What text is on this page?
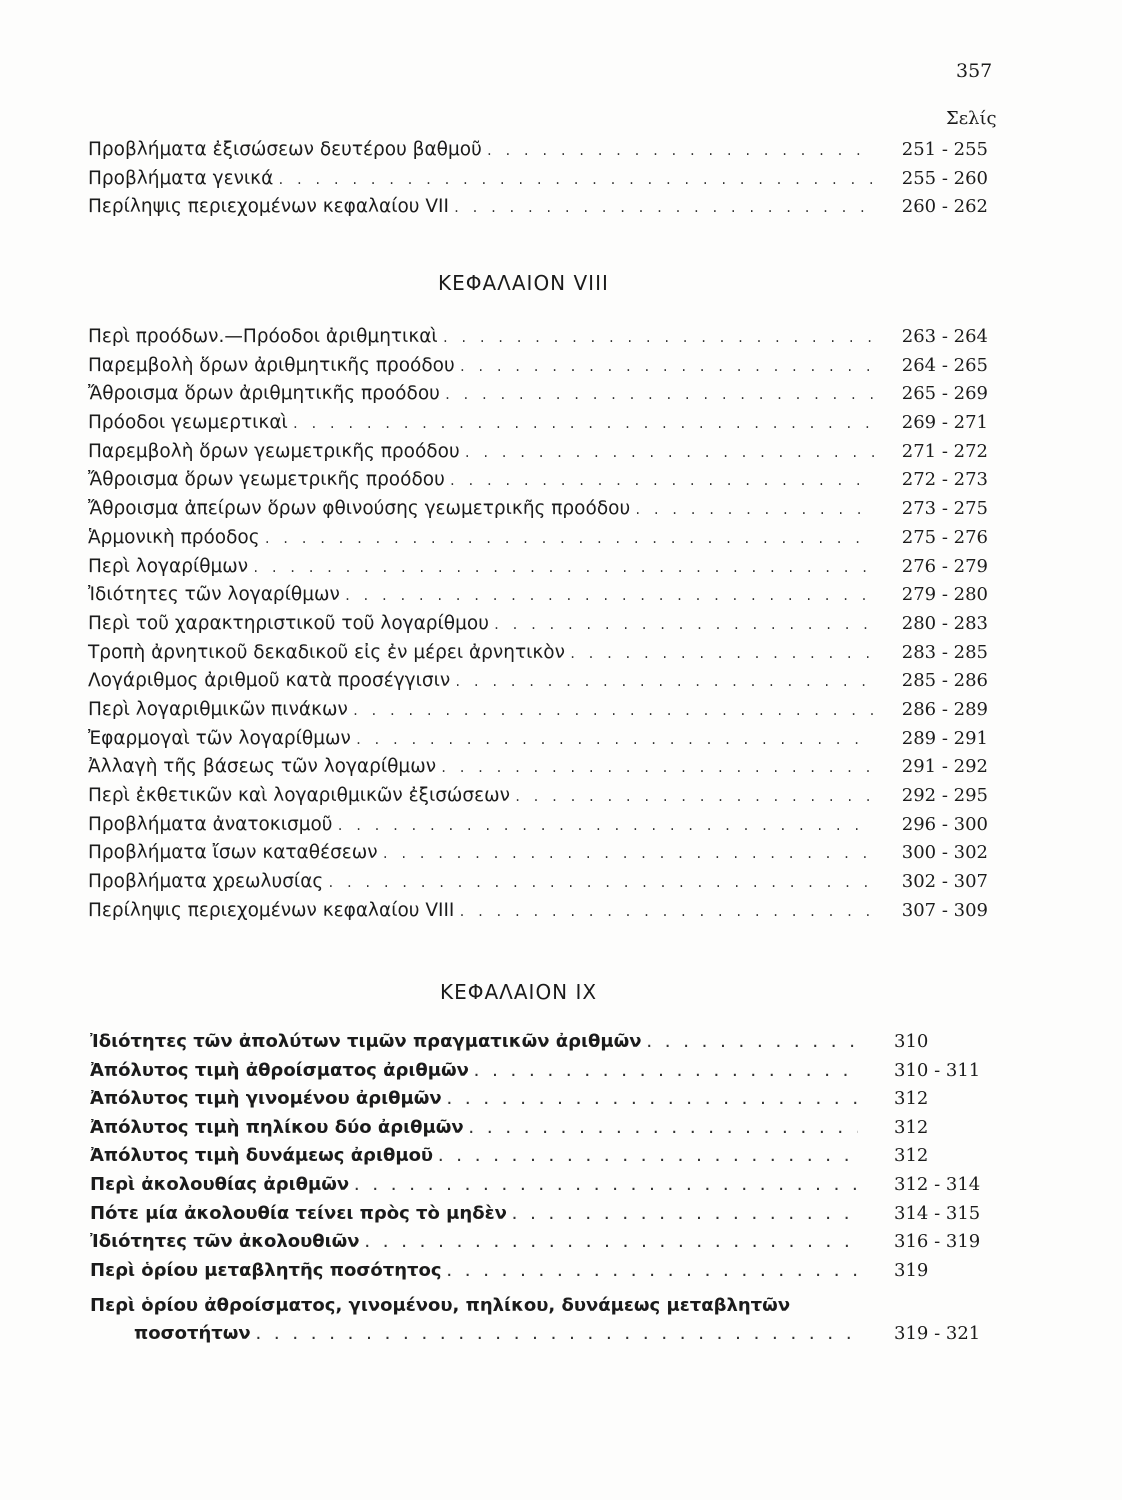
357
Σελίς
Προβλήματα ἐξισώσεων δευτέρου βαθμοῦ . . .	251 - 255
Προβλήματα γενικά . . .	255 - 260
Περίληψις περιεχομένων κεφαλαίου VII . . .	260 - 262
ΚΕΦΑΛΑΙΟΝ VIII
Περὶ προόδων.—Πρόοδοι ἀριθμητικαὶ . . .	263 - 264
Παρεμβολὴ ὅρων ἀριθμητικῆς προόδου . . .	264 - 265
Ἄθροισμα ὅρων ἀριθμητικῆς προόδου . . .	265 - 269
Πρόοδοι γεωμερτικαὶ . . .	269 - 271
Παρεμβολὴ ὅρων γεωμετρικῆς προόδου . . .	271 - 272
Ἄθροισμα ὅρων γεωμετρικῆς προόδου . . .	272 - 273
Ἄθροισμα ἀπείρων ὅρων φθινούσης γεωμετρικῆς προόδου . . .	273 - 275
Ἁρμονικὴ πρόοδος . . .	275 - 276
Περὶ λογαρίθμων . . .	276 - 279
Ἰδιότητες τῶν λογαρίθμων . . .	279 - 280
Περὶ τοῦ χαρακτηριστικοῦ τοῦ λογαρίθμου . . .	280 - 283
Τροπὴ ἀρνητικοῦ δεκαδικοῦ εἰς ἐν μέρει ἀρνητικὸν . . .	283 - 285
Λογάριθμος ἀριθμοῦ κατὰ προσέγγισιν . . .	285 - 286
Περὶ λογαριθμικῶν πινάκων . . .	286 - 289
Ἐφαρμογαὶ τῶν λογαρίθμων . . .	289 - 291
Ἀλλαγὴ τῆς βάσεως τῶν λογαρίθμων . . .	291 - 292
Περὶ ἐκθετικῶν καὶ λογαριθμικῶν ἐξισώσεων . . .	292 - 295
Προβλήματα ἀνατοκισμοῦ . . .	296 - 300
Προβλήματα ἴσων καταθέσεων . . .	300 - 302
Προβλήματα χρεωλυσίας . . .	302 - 307
Περίληψις περιεχομένων κεφαλαίου VIII . . .	307 - 309
ΚΕΦΑΛΑΙΟΝ IX
Ἰδιότητες τῶν ἀπολύτων τιμῶν πραγματικῶν ἀριθμῶν . . .	310
Ἀπόλυτος τιμὴ ἀθροίσματος ἀριθμῶν . . .	310 - 311
Ἀπόλυτος τιμὴ γινομένου ἀριθμῶν . . .	312
Ἀπόλυτος τιμὴ πηλίκου δύο ἀριθμῶν . . .	312
Ἀπόλυτος τιμὴ δυνάμεως ἀριθμοῦ . . .	312
Περὶ ἀκολουθίας ἀριθμῶν . . .	312 - 314
Πότε μία ἀκολουθία τείνει πρὸς τὸ μηδὲν . . .	314 - 315
Ἰδιότητες τῶν ἀκολουθιῶν . . .	316 - 319
Περὶ ὁρίου μεταβλητῆς ποσότητος . . .	319
Περὶ ὁρίου ἀθροίσματος, γινομένου, πηλίκου, δυνάμεως μεταβλητῶν
ποσοτήτων . . .	319 - 321
